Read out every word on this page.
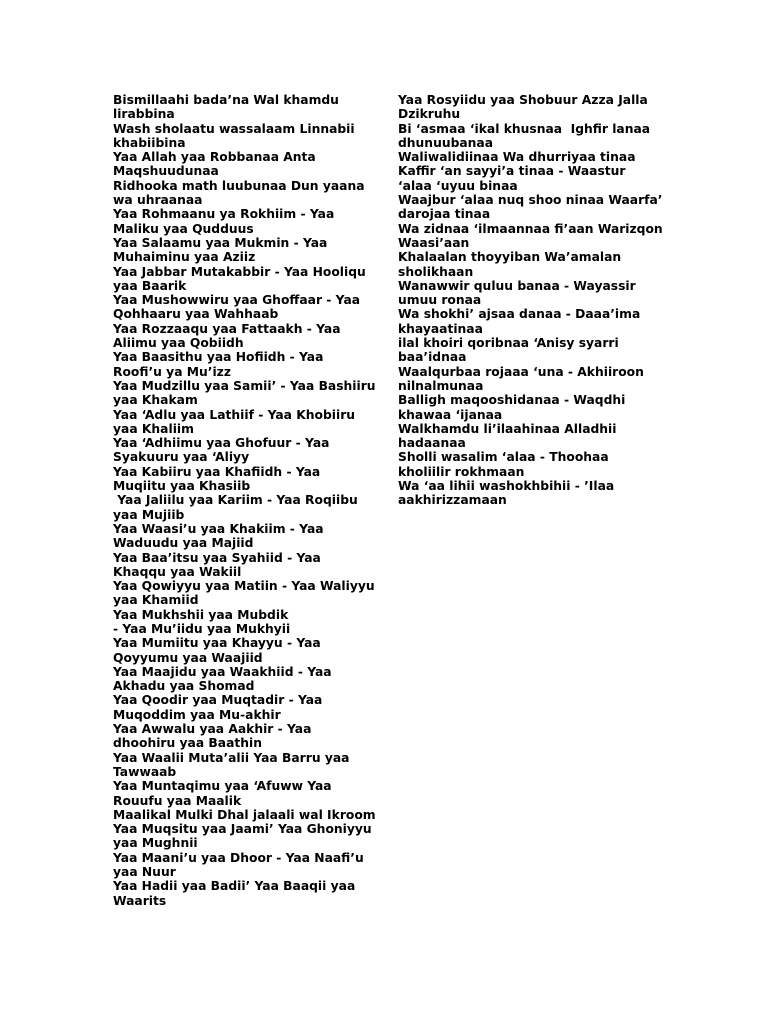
Bismillaahi bada’na Wal khamdu
lirabbina
Wash sholaatu wassalaam Linnabii
khabiibina
Yaa Allah yaa Robbanaa Anta
Maqshuudunaa
Ridhooka math luubunaa Dun yaana
wa uhraanaa
Yaa Rohmaanu ya Rokhiim - Yaa
Maliku yaa Qudduus
Yaa Salaamu yaa Mukmin - Yaa
Muhaiminu yaa Aziiz
Yaa Jabbar Mutakabbir - Yaa Hooliqu
yaa Baarik
Yaa Mushowwiru yaa Ghoffaar - Yaa
Qohhaaru yaa Wahhaab
Yaa Rozzaaqu yaa Fattaakh - Yaa
Aliimu yaa Qobiidh
Yaa Baasithu yaa Hofiidh - Yaa
Roofi’u ya Mu’izz
Yaa Mudzillu yaa Samii’ - Yaa Bashiiru
yaa Khakam
Yaa ‘Adlu yaa Lathiif - Yaa Khobiiru
yaa Khaliim
Yaa ‘Adhiimu yaa Ghofuur - Yaa
Syakuuru yaa ‘Aliyy
Yaa Kabiiru yaa Khafiidh - Yaa
Muqiitu yaa Khasiib
Yaa Jaliilu yaa Kariim - Yaa Roqiibu
yaa Mujiib
Yaa Waasi’u yaa Khakiim - Yaa
Waduudu yaa Majiid
Yaa Baa’itsu yaa Syahiid - Yaa
Khaqqu yaa Wakiil
Yaa Qowiyyu yaa Matiin - Yaa Waliyyu
yaa Khamiid
Yaa Mukhshii yaa Mubdik
- Yaa Mu’iidu yaa Mukhyii
Yaa Mumiitu yaa Khayyu - Yaa
Qoyyumu yaa Waajiid
Yaa Maajidu yaa Waakhiid - Yaa
Akhadu yaa Shomad
Yaa Qoodir yaa Muqtadir - Yaa
Muqoddim yaa Mu-akhir
Yaa Awwalu yaa Aakhir - Yaa
dhoohiru yaa Baathin
Yaa Waalii Muta’alii Yaa Barru yaa
Tawwaab
Yaa Muntaqimu yaa ‘Afuww Yaa
Rouufu yaa Maalik
Maalikal Mulki Dhal jalaali wal Ikroom
Yaa Muqsitu yaa Jaami’ Yaa Ghoniyyu
yaa Mughnii
Yaa Maani’u yaa Dhoor - Yaa Naafi’u
yaa Nuur
Yaa Hadii yaa Badii’ Yaa Baaqii yaa
Waarits
Yaa Rosyiidu yaa Shobuur Azza Jalla
Dzikruhu
Bi ‘asmaa ‘ikal khusnaa  Ighfir lanaa
dhunuubanaa
Waliwalidiinaa Wa dhurriyaa tinaa
Kaffir ‘an sayyi’a tinaa - Waastur
‘alaa ‘uyuu binaa
Waajbur ‘alaa nuq shoo ninaa Waarfa’
darojaa tinaa
Wa zidnaa ‘ilmaannaa fi’aan Warizqon
Waasi’aan
Khalaalan thoyyiban Wa’amalan
sholikhaan
Wanawwir quluu banaa - Wayassir
umuu ronaa
Wa shokhi’ ajsaa danaa - Daaa’ima
khayaatinaa
ilal khoiri qoribnaa ‘Anisy syarri
baa’idnaa
Waalqurbaa rojaaa ‘una - Akhiiroon
nilnalmunaa
Balligh maqooshidanaa - Waqdhi
khawaa ‘ijanaa
Walkhamdu li’ilaahinaa Alladhii
hadaanaa
Sholli wasalim ‘alaa - Thoohaa
kholiilir rokhmaan
Wa ‘aa lihii washokhbihii - ’Ilaa
aakhirizzamaan
